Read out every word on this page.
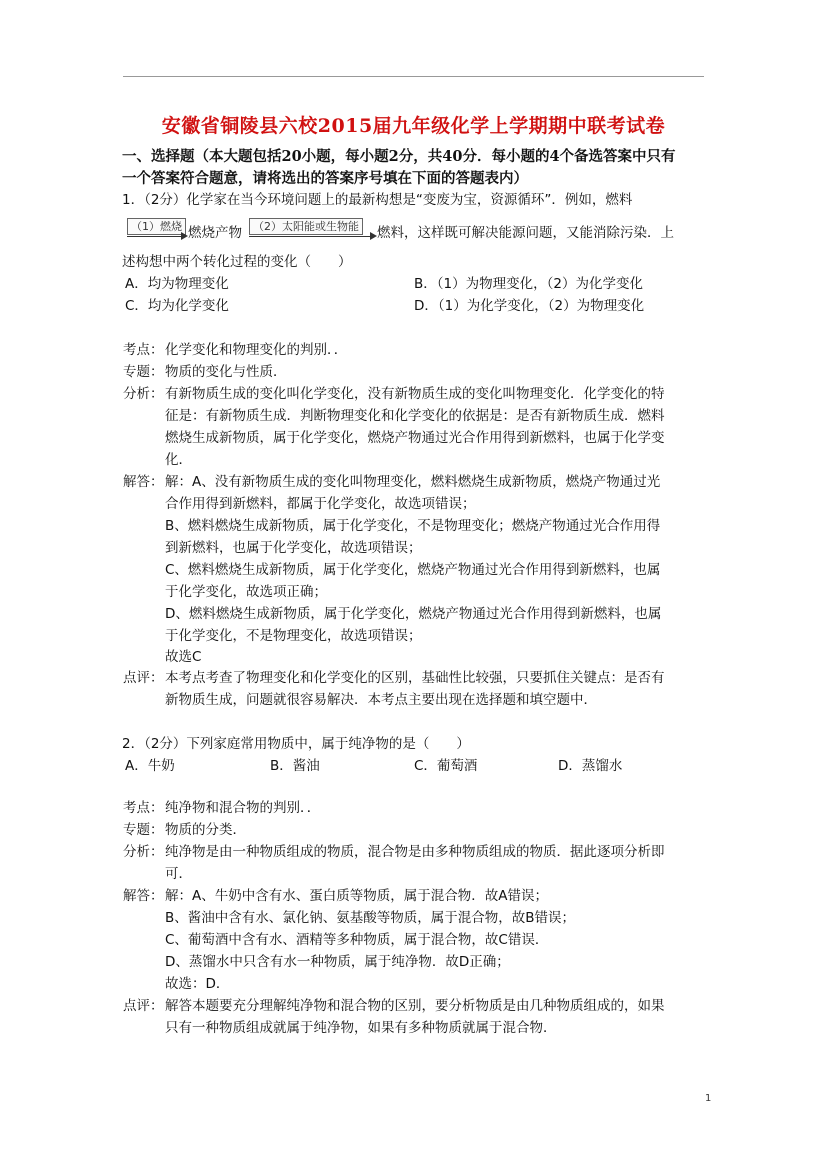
安徽省铜陵县六校2015届九年级化学上学期期中联考试卷
一、选择题（本大题包括20小题，每小题2分，共40分．每小题的4个备选答案中只有
一个答案符合题意，请将选出的答案序号填在下面的答题表内）
1．（2分）化学家在当今环境问题上的最新构想是“变废为宝，资源循环”．例如，燃料
（1）燃烧 燃烧产物	（2）太阳能或生物能 燃料，这样既可解决能源问题，又能消除污染．上
述构想中两个转化过程的变化（　　）
A．均为物理变化	B．（1）为物理变化，（2）为化学变化
C．均为化学变化	D．（1）为化学变化，（2）为物理变化
考点： 化学变化和物理变化的判别．．
专题： 物质的变化与性质．
分析： 有新物质生成的变化叫化学变化，没有新物质生成的变化叫物理变化．化学变化的特
征是：有新物质生成．判断物理变化和化学变化的依据是：是否有新物质生成．燃料
燃烧生成新物质，属于化学变化，燃烧产物通过光合作用得到新燃料，也属于化学变
化．
解答： 解：A、没有新物质生成的变化叫物理变化，燃料燃烧生成新物质，燃烧产物通过光
合作用得到新燃料，都属于化学变化，故选项错误；
B、燃料燃烧生成新物质，属于化学变化，不是物理变化；燃烧产物通过光合作用得
到新燃料，也属于化学变化，故选项错误；
C、燃料燃烧生成新物质，属于化学变化，燃烧产物通过光合作用得到新燃料，也属
于化学变化，故选项正确；
D、燃料燃烧生成新物质，属于化学变化，燃烧产物通过光合作用得到新燃料，也属
于化学变化，不是物理变化，故选项错误；
故选C
点评： 本考点考查了物理变化和化学变化的区别，基础性比较强，只要抓住关键点：是否有
新物质生成，问题就很容易解决．本考点主要出现在选择题和填空题中．
2．（2分）下列家庭常用物质中，属于纯净物的是（　　）
A．牛奶	B．酱油	C．葡萄酒	D．蒸馏水
考点： 纯净物和混合物的判别．．
专题： 物质的分类．
分析： 纯净物是由一种物质组成的物质，混合物是由多种物质组成的物质．据此逐项分析即
可．
解答： 解：A、牛奶中含有水、蛋白质等物质，属于混合物．故A错误；
B、酱油中含有水、氯化钠、氨基酸等物质，属于混合物，故B错误；
C、葡萄酒中含有水、酒精等多种物质，属于混合物，故C错误．
D、蒸馏水中只含有水一种物质，属于纯净物．故D正确；
故选：D．
点评： 解答本题要充分理解纯净物和混合物的区别，要分析物质是由几种物质组成的，如果
只有一种物质组成就属于纯净物，如果有多种物质就属于混合物．
1
